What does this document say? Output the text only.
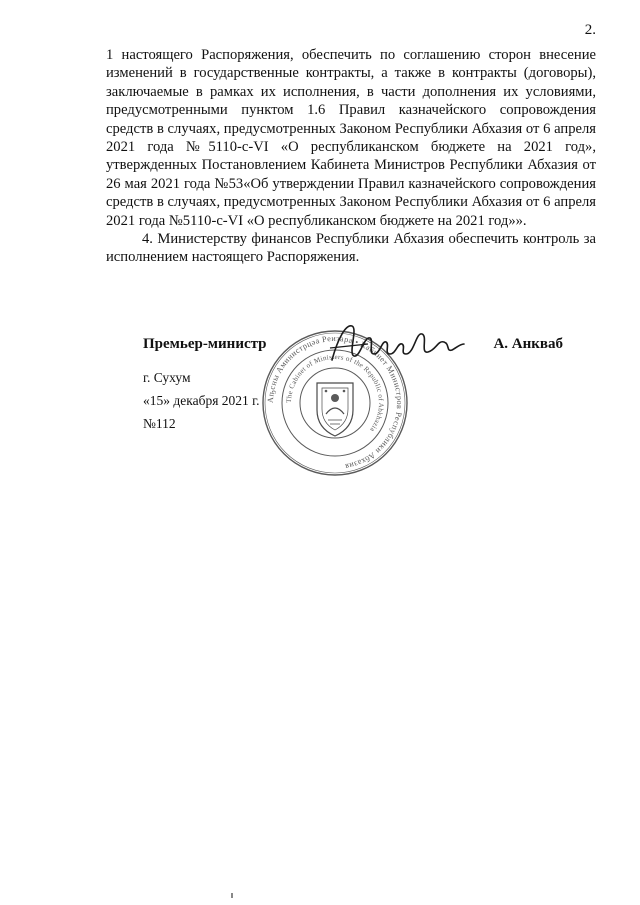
2.

1 настоящего Распоряжения, обеспечить по соглашению сторон внесение изменений в государственные контракты, а также в контракты (договоры), заключаемые в рамках их исполнения, в части дополнения их условиями, предусмотренными пунктом 1.6 Правил казначейского сопровождения средств в случаях, предусмотренных Законом Республики Абхазия от 6 апреля 2021 года №5110-с-VI «О республиканском бюджете на 2021 год», утвержденных Постановлением Кабинета Министров Республики Абхазия от 26 мая 2021 года №53«Об утверждении Правил казначейского сопровождения средств в случаях, предусмотренных Законом Республики Абхазия от 6 апреля 2021 года №5110-с-VI «О республиканском бюджете на 2021 год»».

4. Министерству финансов Республики Абхазия обеспечить контроль за исполнением настоящего Распоряжения.

Премьер-министр	А. Анкваб
г. Сухум
«15» декабря 2021 г.
№112
Аҧсны Аминистрцәа Реизара • Кабинет Министров Республики Абхазия
The Cabinet of Ministers of the Republic of Abkhazia
